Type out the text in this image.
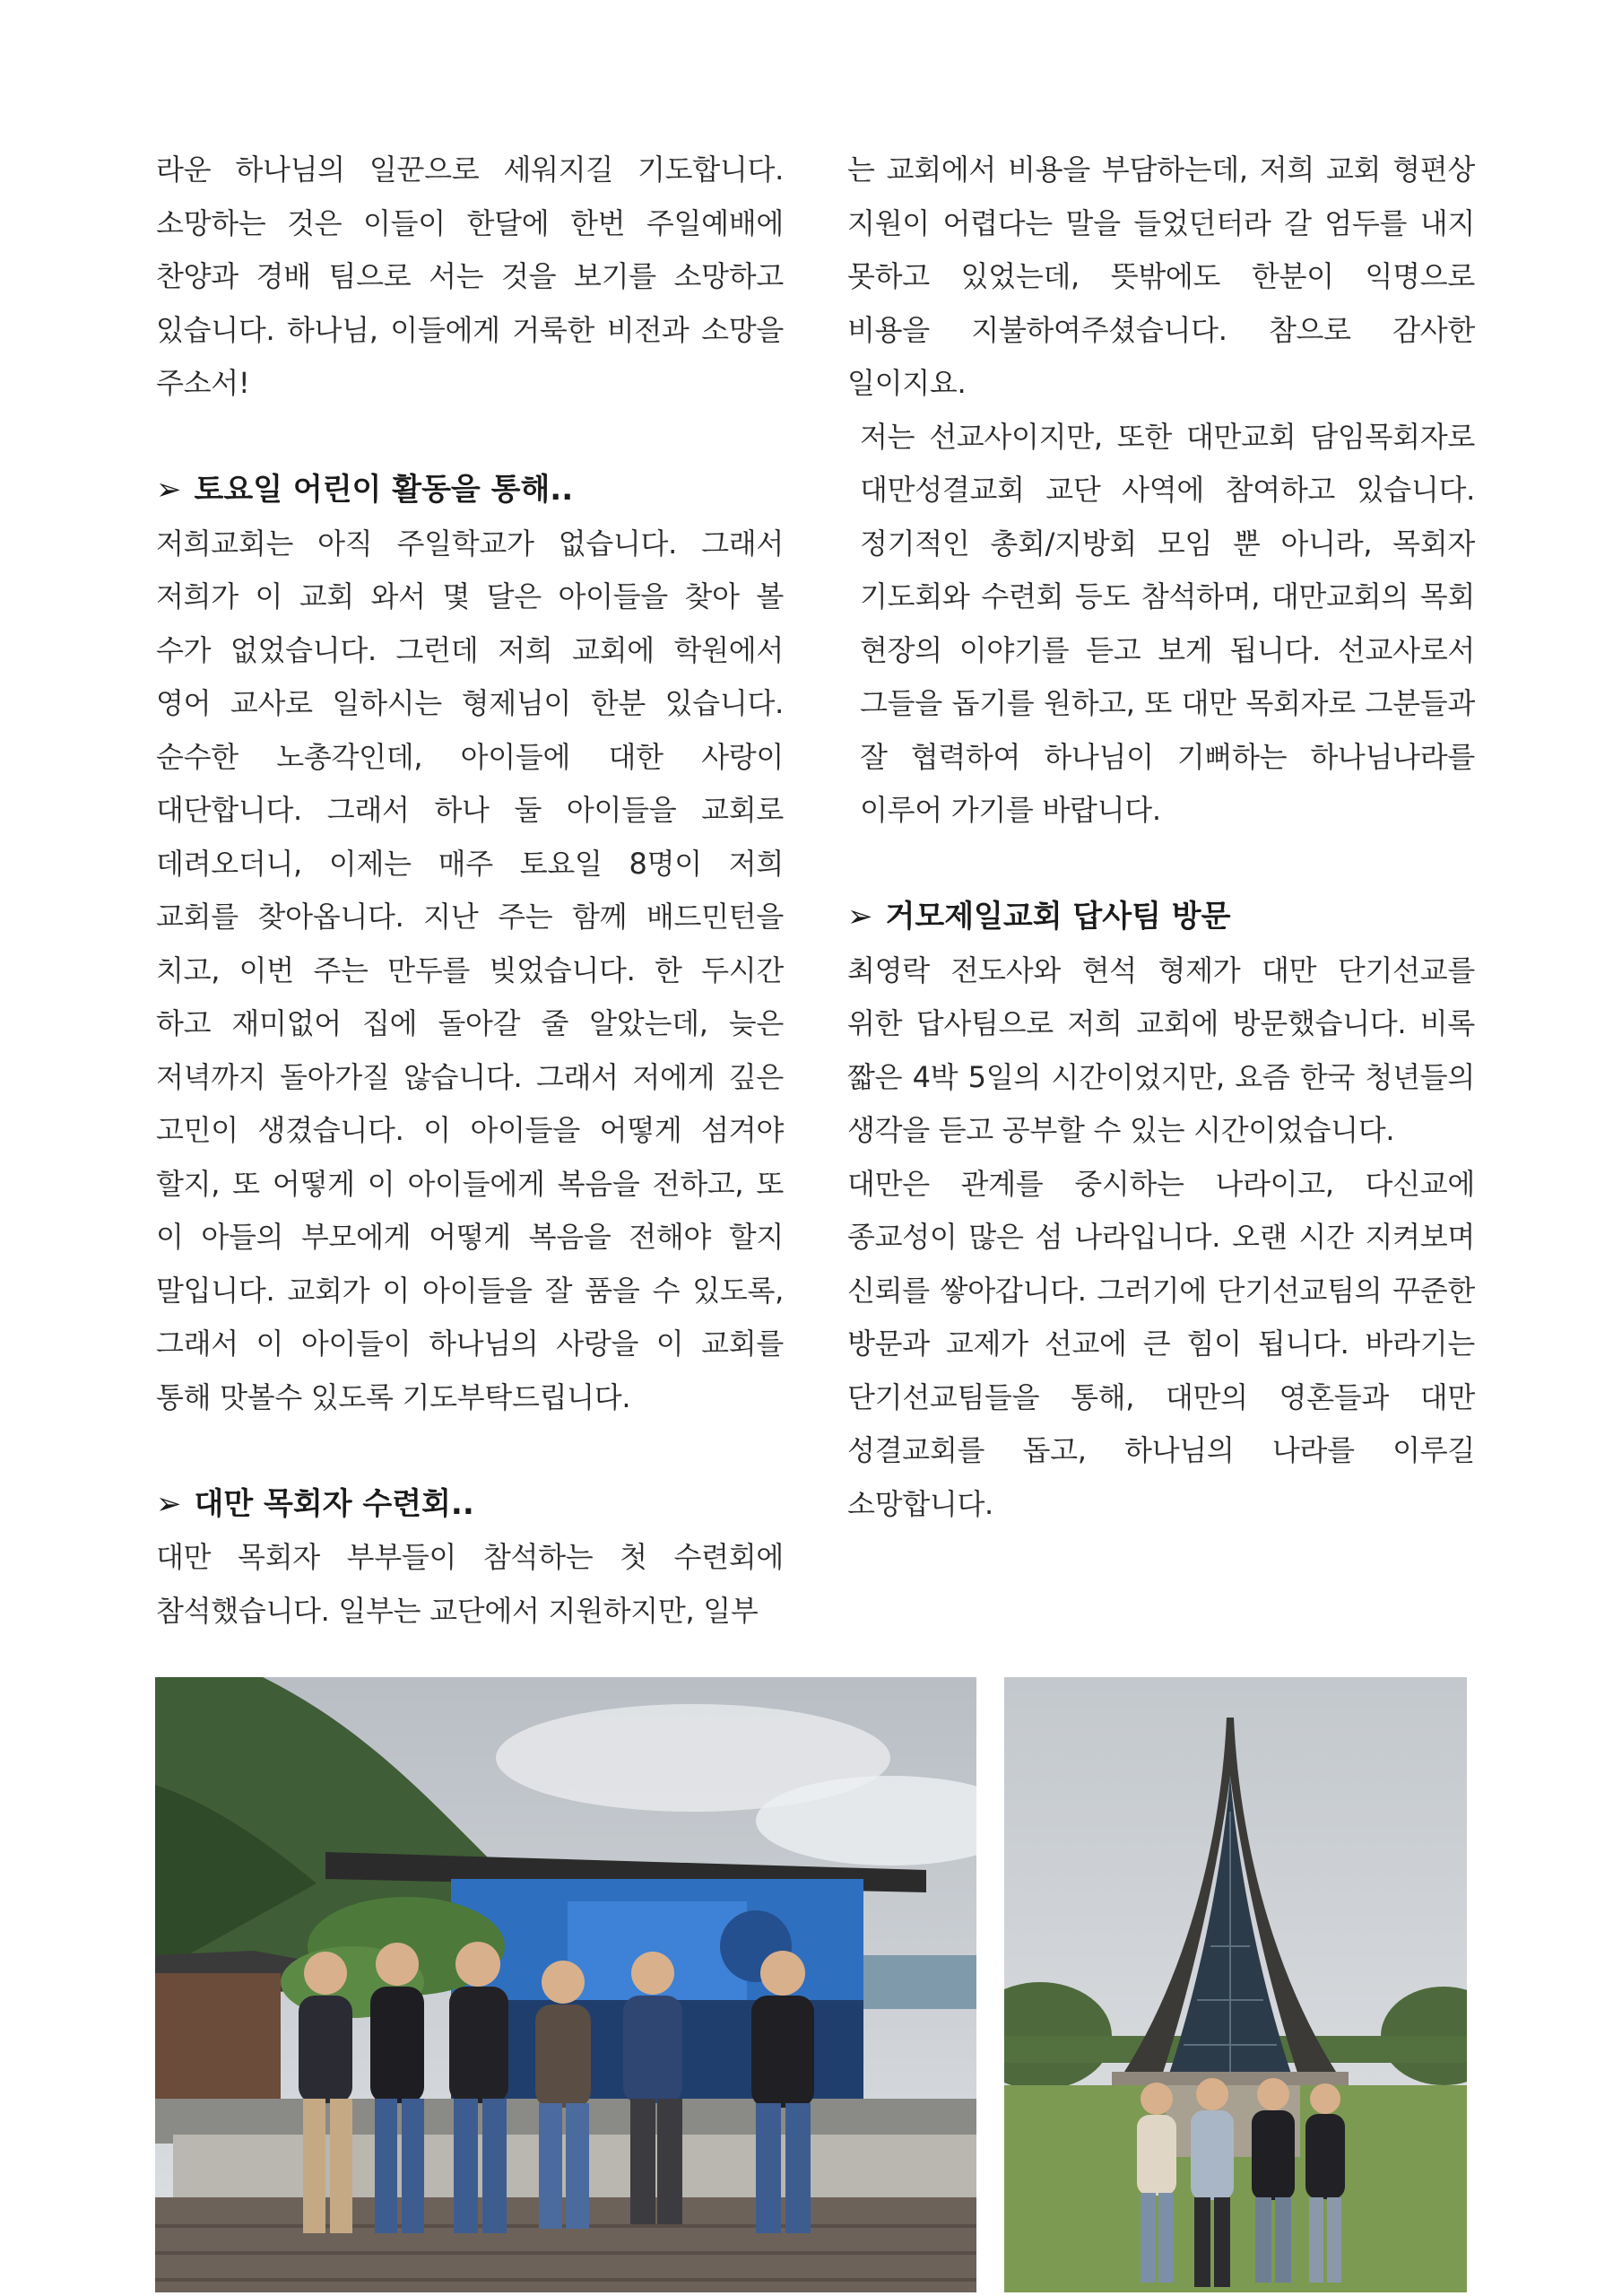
라운 하나님의 일꾼으로 세워지길 기도합니다. 소망하는 것은 이들이 한달에 한번 주일예배에 찬양과 경배 팀으로 서는 것을 보기를 소망하고 있습니다. 하나님, 이들에게 거룩한 비전과 소망을 주소서!

➢ 토요일 어린이 활동을 통해..

저희교회는 아직 주일학교가 없습니다. 그래서 저희가 이 교회 와서 몇 달은 아이들을 찾아 볼 수가 없었습니다. 그런데 저희 교회에 학원에서 영어 교사로 일하시는 형제님이 한분 있습니다. 순수한 노총각인데, 아이들에 대한 사랑이 대단합니다. 그래서 하나 둘 아이들을 교회로 데려오더니, 이제는 매주 토요일 8명이 저희 교회를 찾아옵니다. 지난 주는 함께 배드민턴을 치고, 이번 주는 만두를 빚었습니다. 한 두시간 하고 재미없어 집에 돌아갈 줄 알았는데, 늦은 저녁까지 돌아가질 않습니다. 그래서 저에게 깊은 고민이 생겼습니다. 이 아이들을 어떻게 섬겨야 할지, 또 어떻게 이 아이들에게 복음을 전하고, 또 이 아들의 부모에게 어떻게 복음을 전해야 할지 말입니다. 교회가 이 아이들을 잘 품을 수 있도록, 그래서 이 아이들이 하나님의 사랑을 이 교회를 통해 맛볼수 있도록 기도부탁드립니다.

➢ 대만 목회자 수련회..

대만 목회자 부부들이 참석하는 첫 수련회에 참석했습니다. 일부는 교단에서 지원하지만, 일부

는 교회에서 비용을 부담하는데, 저희 교회 형편상 지원이 어렵다는 말을 들었던터라 갈 엄두를 내지 못하고 있었는데, 뜻밖에도 한분이 익명으로 비용을 지불하여주셨습니다. 참으로 감사한 일이지요.

저는 선교사이지만, 또한 대만교회 담임목회자로 대만성결교회 교단 사역에 참여하고 있습니다. 정기적인 총회/지방회 모임 뿐 아니라, 목회자 기도회와 수련회 등도 참석하며, 대만교회의 목회 현장의 이야기를 듣고 보게 됩니다. 선교사로서 그들을 돕기를 원하고, 또 대만 목회자로 그분들과 잘 협력하여 하나님이 기뻐하는 하나님나라를 이루어 가기를 바랍니다.

➢ 거모제일교회 답사팀 방문

최영락 전도사와 현석 형제가 대만 단기선교를 위한 답사팀으로 저희 교회에 방문했습니다. 비록 짧은 4박 5일의 시간이었지만, 요즘 한국 청년들의 생각을 듣고 공부할 수 있는 시간이었습니다.

대만은 관계를 중시하는 나라이고, 다신교에 종교성이 많은 섬 나라입니다. 오랜 시간 지켜보며 신뢰를 쌓아갑니다. 그러기에 단기선교팀의 꾸준한 방문과 교제가 선교에 큰 힘이 됩니다. 바라기는 단기선교팀들을 통해, 대만의 영혼들과 대만 성결교회를 돕고, 하나님의 나라를 이루길 소망합니다.
